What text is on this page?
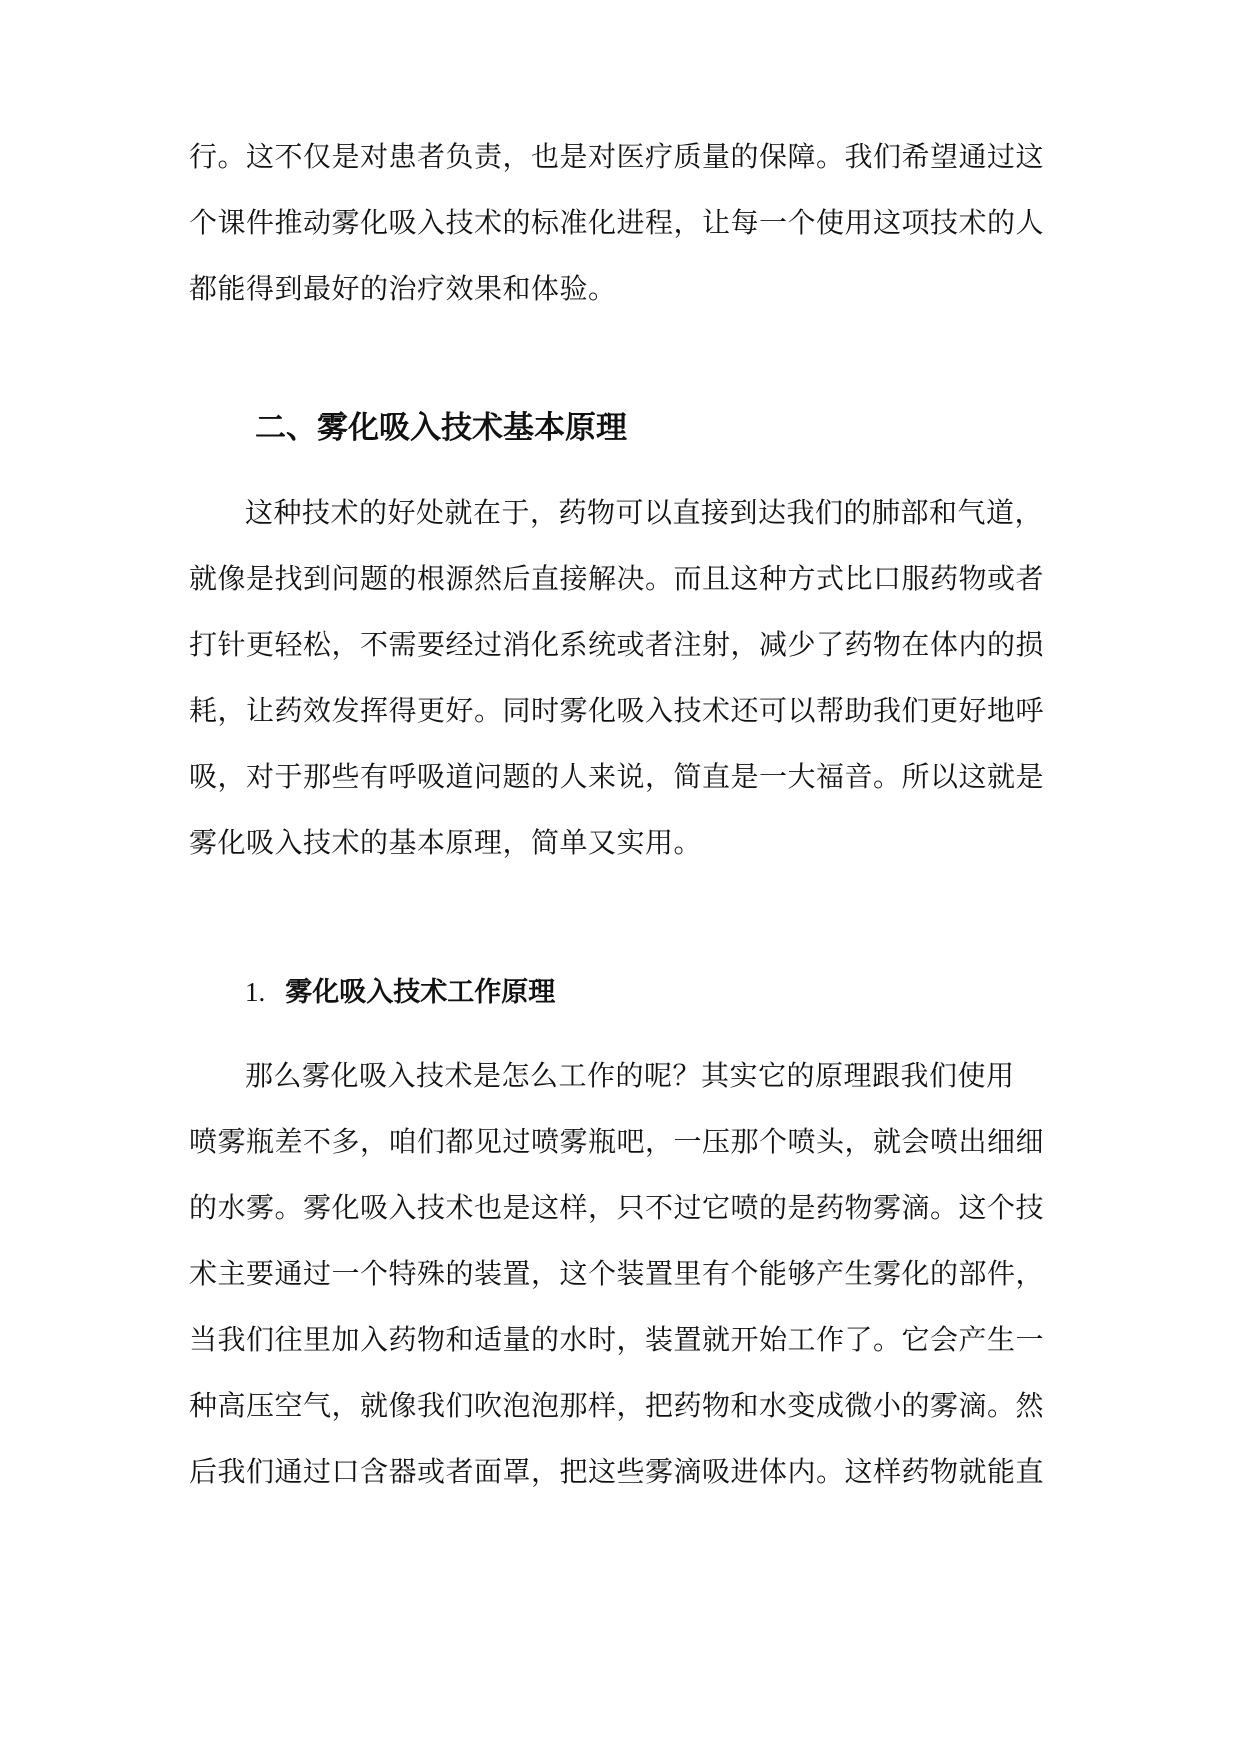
行。这不仅是对患者负责，也是对医疗质量的保障。我们希望通过这
个课件推动雾化吸入技术的标准化进程，让每一个使用这项技术的人
都能得到最好的治疗效果和体验。
二、雾化吸入技术基本原理
这种技术的好处就在于，药物可以直接到达我们的肺部和气道，
就像是找到问题的根源然后直接解决。而且这种方式比口服药物或者
打针更轻松，不需要经过消化系统或者注射，减少了药物在体内的损
耗，让药效发挥得更好。同时雾化吸入技术还可以帮助我们更好地呼
吸，对于那些有呼吸道问题的人来说，简直是一大福音。所以这就是
雾化吸入技术的基本原理，简单又实用。
1. 雾化吸入技术工作原理
那么雾化吸入技术是怎么工作的呢？其实它的原理跟我们使用
喷雾瓶差不多，咱们都见过喷雾瓶吧，一压那个喷头，就会喷出细细
的水雾。雾化吸入技术也是这样，只不过它喷的是药物雾滴。这个技
术主要通过一个特殊的装置，这个装置里有个能够产生雾化的部件，
当我们往里加入药物和适量的水时，装置就开始工作了。它会产生一
种高压空气，就像我们吹泡泡那样，把药物和水变成微小的雾滴。然
后我们通过口含器或者面罩，把这些雾滴吸进体内。这样药物就能直
